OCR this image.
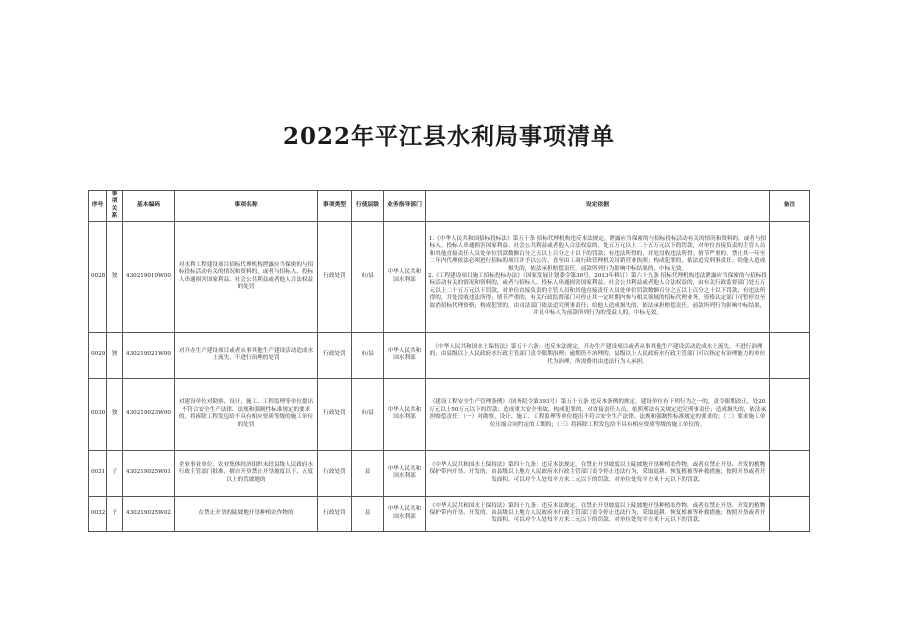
2022年平江县水利局事项清单
序号	事项关系	基本编码	事项名称	事项类型	行使层级	业务指导部门	设定依据	备注
0028	独	430219019W00	对水利工程建设项目招标代理机构泄露应当保密的与招标投标活动有关的情况和资料的，或者与招标人、投标人串通损害国家利益、社会公共利益或者他人合法权益的处罚	行政处罚	市/县	中华人民共和国水利部	1.《中华人民共和国招标投标法》第五十条 招标代理机构违反本法规定，泄露应当保密的与招标投标活动有关的情况和资料的，或者与招标人、投标人串通损害国家利益、社会公共利益或者他人合法权益的，处五万元以上二十五万元以下的罚款，对单位直接负责的主管人员和其他直接责任人员处单位罚款数额百分之五以上百分之十以下的罚款；有违法所得的，并处没收违法所得；情节严重的，禁止其一年至二年内代理依法必须进行招标的项目并予以公告，直至由工商行政管理机关吊销营业执照；构成犯罪的，依法追究刑事责任；给他人造成损失的，依法承担赔偿责任。前款所列行为影响中标结果的，中标无效。
2.《工程建设项目施工招标投标办法》（国家发展计划委令第30号，2013年修订）第六十九条 招标代理机构违法泄露应当保密的与招标投标活动有关的情况和资料的，或者与招标人、投标人串通损害国家利益、社会公共利益或者他人合法权益的，由有关行政监督部门处五万元以上二十五万元以下罚款，对单位直接负责的主管人员和其他直接责任人员处单位罚款数额百分之五以上百分之十以下罚款；有违法所得的，并处没收违法所得；情节严重的，有关行政监督部门可停止其一定时期内参与相关领域的招标代理业务，资格认定部门可暂停直至取消招标代理资格；构成犯罪的，由司法部门依法追究刑事责任；给他人造成损失的，依法承担赔偿责任。前款所列行为影响中标结果，并且中标人为前款所列行为的受益人的，中标无效。	
0029	独	430219021W00	对开办生产建设项目或者从事其他生产建设活动造成水土流失，不进行治理的处罚	行政处罚	市/县	中华人民共和国水利部	《中华人民共和国水土保持法》第五十六条：违反本法规定，开办生产建设项目或者从事其他生产建设活动造成水土流失，不进行治理的，由县级以上人民政府水行政主管部门责令限期治理；逾期仍不治理的，县级以上人民政府水行政主管部门可以指定有治理能力的单位代为治理，所需费用由违法行为人承担。	
0030	独	430219023W00	对建设单位对勘察、设计、施工、工程监理等单位提出不符合安全生产法律、法规和强制性标准规定的要求的，将拆除工程发包给不具有相应资质等级的施工单位的处罚	行政处罚	市/县	中华人民共和国水利部	《建设工程安全生产管理条例》（国务院令第393号）第五十五条 违反本条例的规定，建设单位有下列行为之一的，责令限期改正，处20万元以上50万元以下的罚款；造成重大安全事故，构成犯罪的，对直接责任人员，依照刑法有关规定追究刑事责任；造成损失的，依法承担赔偿责任：（一）对勘察、设计、施工、工程监理等单位提出不符合安全生产法律、法规和强制性标准规定的要求的；（二）要求施工单位压缩合同约定的工期的；（三）将拆除工程发包给不具有相应资质等级的施工单位的。	
0031	子	430219025W01	企业事业单位、农业集体经济组织未经县级人民政府水行政主管部门批准，擅自开垦禁止开垦坡度以下、五度以上的荒坡地的	行政处罚	县	中华人民共和国水利部	《中华人民共和国水土保持法》第四十九条：违反本法规定，在禁止开垦坡度以上陡坡地开垦种植农作物，或者在禁止开垦、开发的植物保护带内开垦、开发的，由县级以上地方人民政府水行政主管部门责令停止违法行为，采取退耕、恢复植被等补救措施；按照开垦或者开发面积，可以对个人处每平方米二元以下的罚款、对单位处每平方米十元以下的罚款。	
0032	子	430219025W02	在禁止开垦的陡坡地开垦种植农作物的	行政处罚	县	中华人民共和国水利部	《中华人民共和国水土保持法》第四十九条：违反本法规定，在禁止开垦坡度以上陡坡地开垦种植农作物，或者在禁止开垦、开发的植物保护带内开垦、开发的，由县级以上地方人民政府水行政主管部门责令停止违法行为，采取退耕、恢复植被等补救措施；按照开垦或者开发面积，可以对个人处每平方米二元以下的罚款、对单位处每平方米十元以下的罚款。	
